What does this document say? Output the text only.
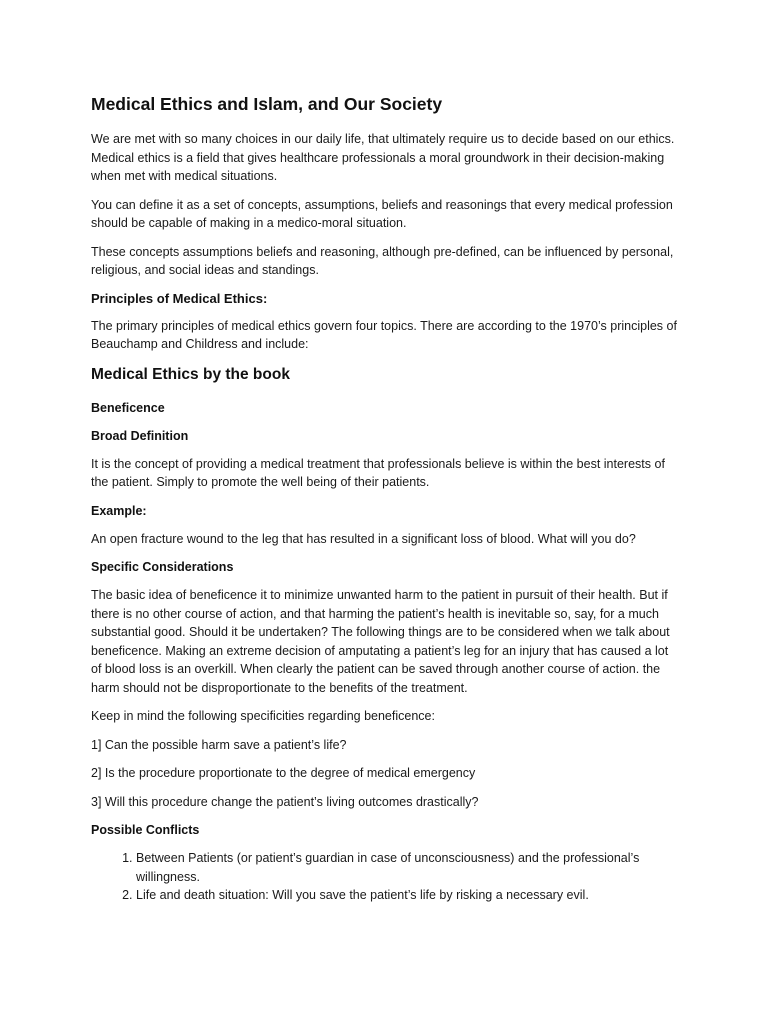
Medical Ethics and Islam, and Our Society

We are met with so many choices in our daily life, that ultimately require us to decide based on our ethics. Medical ethics is a field that gives healthcare professionals a moral groundwork in their decision-making when met with medical situations.

You can define it as a set of concepts, assumptions, beliefs and reasonings that every medical profession should be capable of making in a medico-moral situation.

These concepts assumptions beliefs and reasoning, although pre-defined, can be influenced by personal, religious, and social ideas and standings.

Principles of Medical Ethics:

The primary principles of medical ethics govern four topics. There are according to the 1970’s principles of Beauchamp and Childress and include:

Medical Ethics by the book
Beneficence
Broad Definition

It is the concept of providing a medical treatment that professionals believe is within the best interests of the patient. Simply to promote the well being of their patients.

Example:

An open fracture wound to the leg that has resulted in a significant loss of blood. What will you do?

Specific Considerations

The basic idea of beneficence it to minimize unwanted harm to the patient in pursuit of their health. But if there is no other course of action, and that harming the patient’s health is inevitable so, say, for a much substantial good. Should it be undertaken? The following things are to be considered when we talk about beneficence. Making an extreme decision of amputating a patient’s leg for an injury that has caused a lot of blood loss is an overkill. When clearly the patient can be saved through another course of action. the harm should not be disproportionate to the benefits of the treatment.

Keep in mind the following specificities regarding beneficence:

1] Can the possible harm save a patient’s life?

2] Is the procedure proportionate to the degree of medical emergency

3] Will this procedure change the patient’s living outcomes drastically?

Possible Conflicts
1. Between Patients (or patient’s guardian in case of unconsciousness) and the professional’s willingness.
2. Life and death situation: Will you save the patient’s life by risking a necessary evil.
